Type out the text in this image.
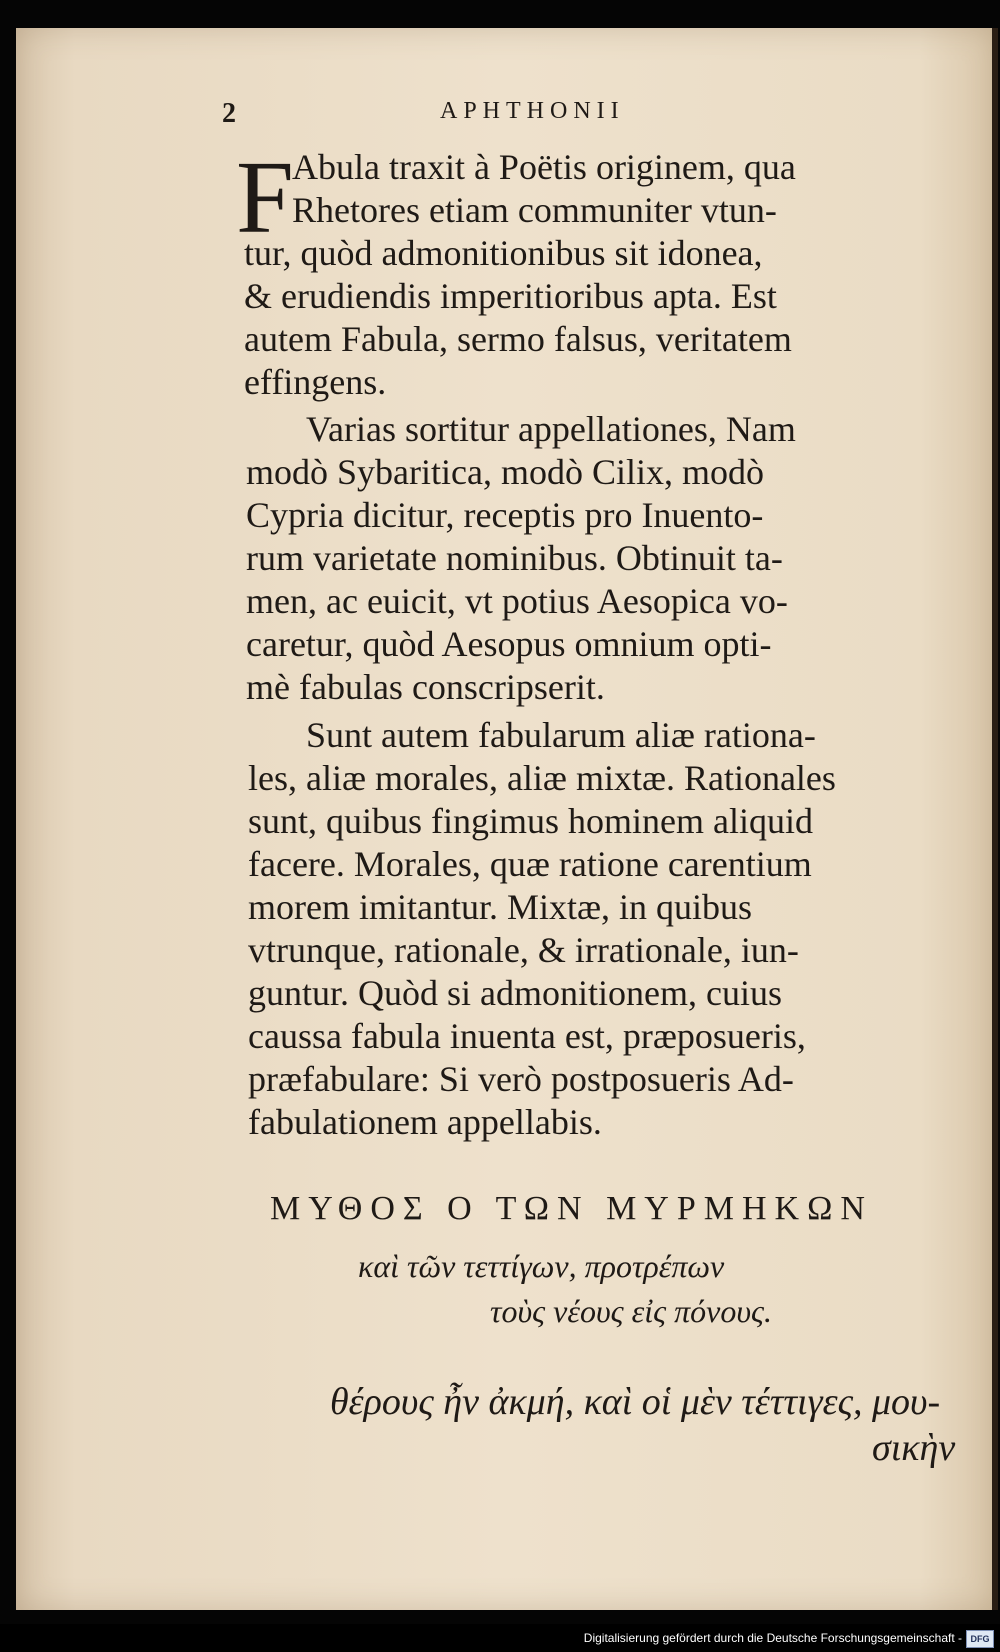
2	APHTHONII
F
Abula traxit à Poëtis originem, qua
Rhetores etiam communiter vtun-
tur, quòd admonitionibus sit idonea,
& erudiendis imperitioribus apta. Est
autem Fabula, sermo falsus, veritatem
effingens.
Varias sortitur appellationes, Nam
modò Sybaritica, modò Cilix, modò
Cypria dicitur, receptis pro Inuento-
rum varietate nominibus. Obtinuit ta-
men, ac euicit, vt potius Aesopica vo-
caretur, quòd Aesopus omnium opti-
mè fabulas conscripserit.
Sunt autem fabularum aliæ rationa-
les, aliæ morales, aliæ mixtæ. Rationales
sunt, quibus fingimus hominem aliquid
facere. Morales, quæ ratione carentium
morem imitantur. Mixtæ, in quibus
vtrunque, rationale, & irrationale, iun-
guntur. Quòd si admonitionem, cuius
caussa fabula inuenta est, præposueris,
præfabulare: Si verò postposueris Ad-
fabulationem appellabis.
ΜΥΘΟΣ Ο ΤΩΝ ΜΥΡΜΗΚΩΝ
καὶ τῶν τεττίγων, προτρέπων
τοὺς νέους εἰς πόνους.
θέρους ἦν ἀκμή, καὶ οἱ μὲν τέττιγες, μου-
σικὴν
Digitalisierung gefördert durch die Deutsche Forschungsgemeinschaft - DFG
